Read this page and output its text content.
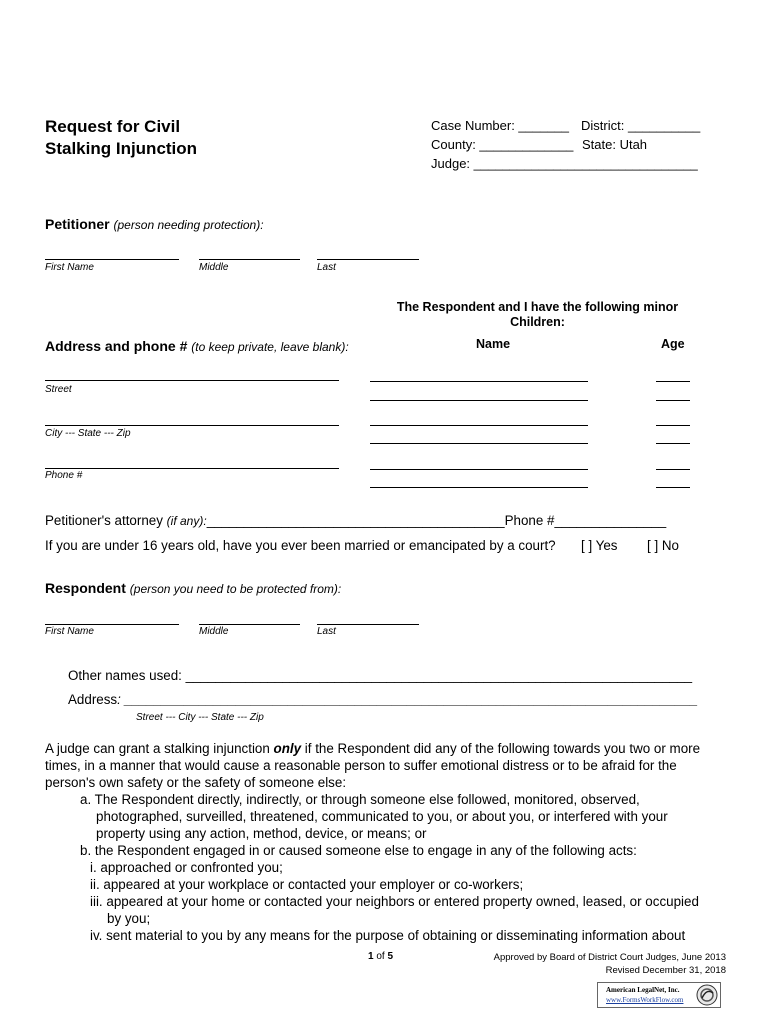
Request for Civil
Stalking Injunction
Case Number: _______ District: __________
County: _____________ State: Utah
Judge: _______________________________
Petitioner (person needing protection):
First Name	Middle	Last
The Respondent and I have the following minor
Children:
Address and phone # (to keep private, leave blank):	Name	Age
Street
City --- State --- Zip
Phone #
Petitioner's attorney (if any):________________________________________Phone #_______________
If you are under 16 years old, have you ever been married or emancipated by a court? [ ] Yes [ ] No
Respondent (person you need to be protected from):
First Name	Middle	Last
Other names used: ____________________________________________________________________
Address: _____________________________________________________________________________
Street --- City --- State --- Zip
A judge can grant a stalking injunction only if the Respondent did any of the following towards you two or more
times, in a manner that would cause a reasonable person to suffer emotional distress or to be afraid for the
person's own safety or the safety of someone else:
a. The Respondent directly, indirectly, or through someone else followed, monitored, observed,
photographed, surveilled, threatened, communicated to you, or about you, or interfered with your
property using any action, method, device, or means; or
b. the Respondent engaged in or caused someone else to engage in any of the following acts:
i. approached or confronted you;
ii. appeared at your workplace or contacted your employer or co-workers;
iii. appeared at your home or contacted your neighbors or entered property owned, leased, or occupied
by you;
iv. sent material to you by any means for the purpose of obtaining or disseminating information about
1 of 5	Approved by Board of District Court Judges, June 2013
Revised December 31, 2018
American LegalNet, Inc.
www.FormsWorkFlow.com
